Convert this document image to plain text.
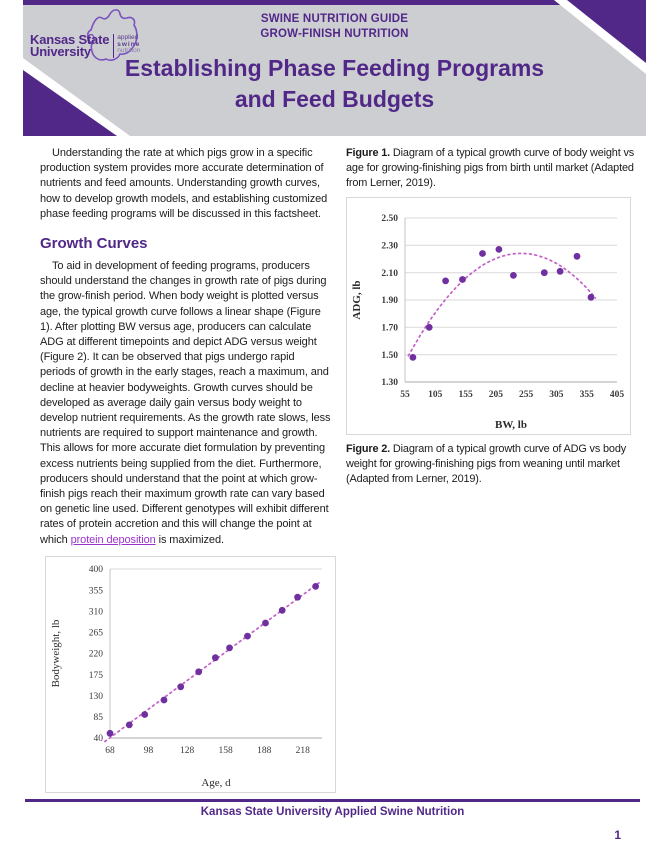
Kansas State
University
applied
swine
nutrition
SWINE NUTRITION GUIDE
GROW-FINISH NUTRITION
Establishing Phase Feeding Programs
and Feed Budgets

Understanding the rate at which pigs grow in a specific production system provides more accurate determination of nutrients and feed amounts. Understanding growth curves, how to develop growth models, and establishing customized phase feeding programs will be discussed in this factsheet.

Growth Curves

To aid in development of feeding programs, producers should understand the changes in growth rate of pigs during the grow-finish period. When body weight is plotted versus age, the typical growth curve follows a linear shape (Figure 1). After plotting BW versus age, producers can calculate ADG at different timepoints and depict ADG versus weight (Figure 2). It can be observed that pigs undergo rapid periods of growth in the early stages, reach a maximum, and decline at heavier bodyweights. Growth curves should be developed as average daily gain versus body weight to develop nutrient requirements. As the growth rate slows, less nutrients are required to support maintenance and growth. This allows for more accurate diet formulation by preventing excess nutrients being supplied from the diet. Furthermore, producers should understand that the point at which grow-finish pigs reach their maximum growth rate can vary based on genetic line used. Different genotypes will exhibit different rates of protein accretion and this will change the point at which protein deposition is maximized.

Figure 1. Diagram of a typical growth curve of body weight vs age for growing-finishing pigs from birth until market (Adapted from Lerner, 2019).

1.30
1.50
1.70
1.90
2.10
2.30
2.50
55 105 155 205 255 305 355 405
BW, lb
ADG, lb

Figure 2. Diagram of a typical growth curve of ADG vs body weight for growing-finishing pigs from weaning until market (Adapted from Lerner, 2019).

40
85
130
175
220
265
310
355
400
68	98	128	158	188	218
Age, d
Bodyweight, lb
Kansas State University Applied Swine Nutrition
1
